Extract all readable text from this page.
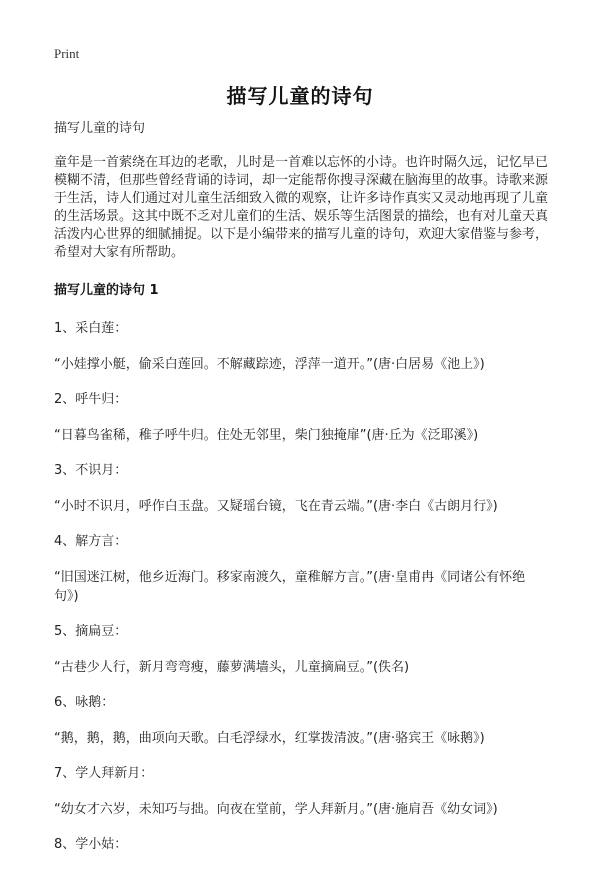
Print
描写儿童的诗句

描写儿童的诗句

童年是一首萦绕在耳边的老歌，儿时是一首难以忘怀的小诗。也许时隔久远，记忆早已模糊不清，但那些曾经背诵的诗词，却一定能帮你搜寻深藏在脑海里的故事。诗歌来源于生活，诗人们通过对儿童生活细致入微的观察，让许多诗作真实又灵动地再现了儿童的生活场景。这其中既不乏对儿童们的生活、娱乐等生活图景的描绘，也有对儿童天真活泼内心世界的细腻捕捉。以下是小编带来的描写儿童的诗句，欢迎大家借鉴与参考，希望对大家有所帮助。

描写儿童的诗句 1

1、采白莲：

“小娃撑小艇，偷采白莲回。不解藏踪迹，浮萍一道开。”(唐·白居易《池上》)

2、呼牛归：

“日暮鸟雀稀，稚子呼牛归。住处无邻里，柴门独掩扉”(唐·丘为《泛耶溪》)

3、不识月：

“小时不识月，呼作白玉盘。又疑瑶台镜，飞在青云端。”(唐·李白《古朗月行》)

4、解方言：

“旧国迷江树，他乡近海门。移家南渡久，童稚解方言。”(唐·皇甫冉《同诸公有怀绝句》)

5、摘扁豆：

“古巷少人行，新月弯弯瘦，藤萝满墙头，儿童摘扁豆。”(佚名)

6、咏鹅：

“鹅，鹅，鹅，曲项向天歌。白毛浮绿水，红掌拨清波。”(唐·骆宾王《咏鹅》)

7、学人拜新月：

“幼女才六岁，未知巧与拙。向夜在堂前，学人拜新月。”(唐·施肩吾《幼女词》)

8、学小姑：
